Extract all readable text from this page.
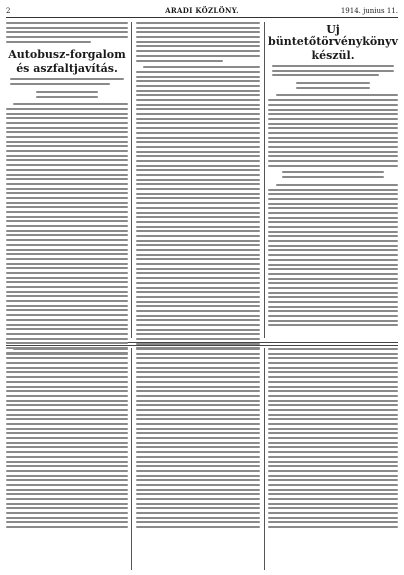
2	ARADI KÖZLÖNY.	1914. junius 11.
Autobusz-forgalom
és aszfaltjavítás.
Uj büntetőtörvénykönyv
készül.
